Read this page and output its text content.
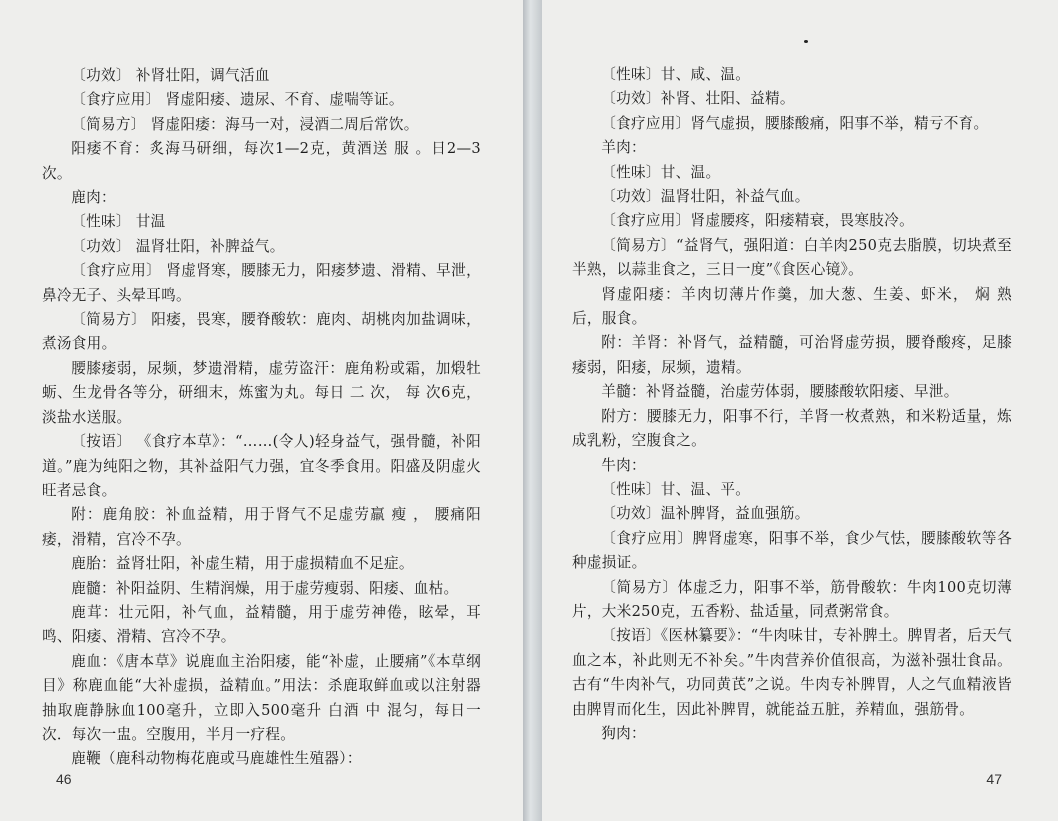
〔功效〕 补肾壮阳，调气活血

〔食疗应用〕 肾虚阳痿、遗尿、不育、虚喘等证。

〔简易方〕 肾虚阳痿：海马一对，浸酒二周后常饮。

阳痿不育：炙海马研细，每次1—2克，黄酒送 服 。日2—3次。

鹿肉：

〔性味〕 甘温

〔功效〕 温肾壮阳，补脾益气。

〔食疗应用〕 肾虚肾寒，腰膝无力，阳痿梦遗、滑精、早泄，鼻冷无子、头晕耳鸣。

〔简易方〕 阳痿，畏寒，腰脊酸软：鹿肉、胡桃肉加盐调味，煮汤食用。

腰膝痿弱，尿频，梦遗滑精，虚劳盗汗：鹿角粉或霜，加煅牡蛎、生龙骨各等分，研细末，炼蜜为丸。每日 二 次， 每 次6克，淡盐水送服。

〔按语〕 《食疗本草》：“……(令人)轻身益气，强骨髓，补阳道。”鹿为纯阳之物，其补益阳气力强，宜冬季食用。阳盛及阴虚火旺者忌食。

附：鹿角胶：补血益精，用于肾气不足虚劳羸 瘦 ， 腰痛阳痿，滑精，宫冷不孕。

鹿胎：益肾壮阳，补虚生精，用于虚损精血不足症。

鹿髓：补阳益阴、生精润燥，用于虚劳瘦弱、阳痿、血枯。

鹿茸：壮元阳，补气血，益精髓，用于虚劳神倦，眩晕，耳鸣、阳痿、滑精、宫冷不孕。

鹿血：《唐本草》说鹿血主治阳痿，能“补虚，止腰痛”《本草纲目》称鹿血能“大补虚损，益精血。”用法：杀鹿取鲜血或以注射器抽取鹿静脉血100毫升，立即入500毫升 白酒 中 混匀，每日一次．每次一盅。空腹用，半月一疗程。

鹿鞭（鹿科动物梅花鹿或马鹿雄性生殖器）：

46

〔性味〕甘、咸、温。

〔功效〕补肾、壮阳、益精。

〔食疗应用〕肾气虚损，腰膝酸痛，阳事不举，精亏不育。

羊肉：

〔性味〕甘、温。

〔功效〕温肾壮阳，补益气血。

〔食疗应用〕肾虚腰疼，阳痿精衰，畏寒肢冷。

〔简易方〕“益肾气，强阳道：白羊肉250克去脂膜，切块煮至半熟，以蒜韭食之，三日一度”《食医心镜》。

肾虚阳痿：羊肉切薄片作羹，加大葱、生姜、虾米， 焖 熟后，服食。

附：羊肾：补肾气，益精髓，可治肾虚劳损，腰脊酸疼，足膝痿弱，阳痿，尿频，遗精。

羊髓：补肾益髓，治虚劳体弱，腰膝酸软阳痿、早泄。

附方：腰膝无力，阳事不行，羊肾一枚煮熟，和米粉适量，炼成乳粉，空腹食之。

牛肉：

〔性味〕甘、温、平。

〔功效〕温补脾肾，益血强筋。

〔食疗应用〕脾肾虚寒，阳事不举，食少气怯，腰膝酸软等各种虚损证。

〔简易方〕体虚乏力，阳事不举，筋骨酸软：牛肉100克切薄片，大米250克，五香粉、盐适量，同煮粥常食。

〔按语〕《医林纂要》：“牛肉味甘，专补脾土。脾胃者，后天气血之本，补此则无不补矣。”牛肉营养价值很高，为滋补强壮食品。古有“牛肉补气，功同黄芪”之说。牛肉专补脾胃，人之气血精液皆由脾胃而化生，因此补脾胃，就能益五脏，养精血，强筋骨。

狗肉：

47
